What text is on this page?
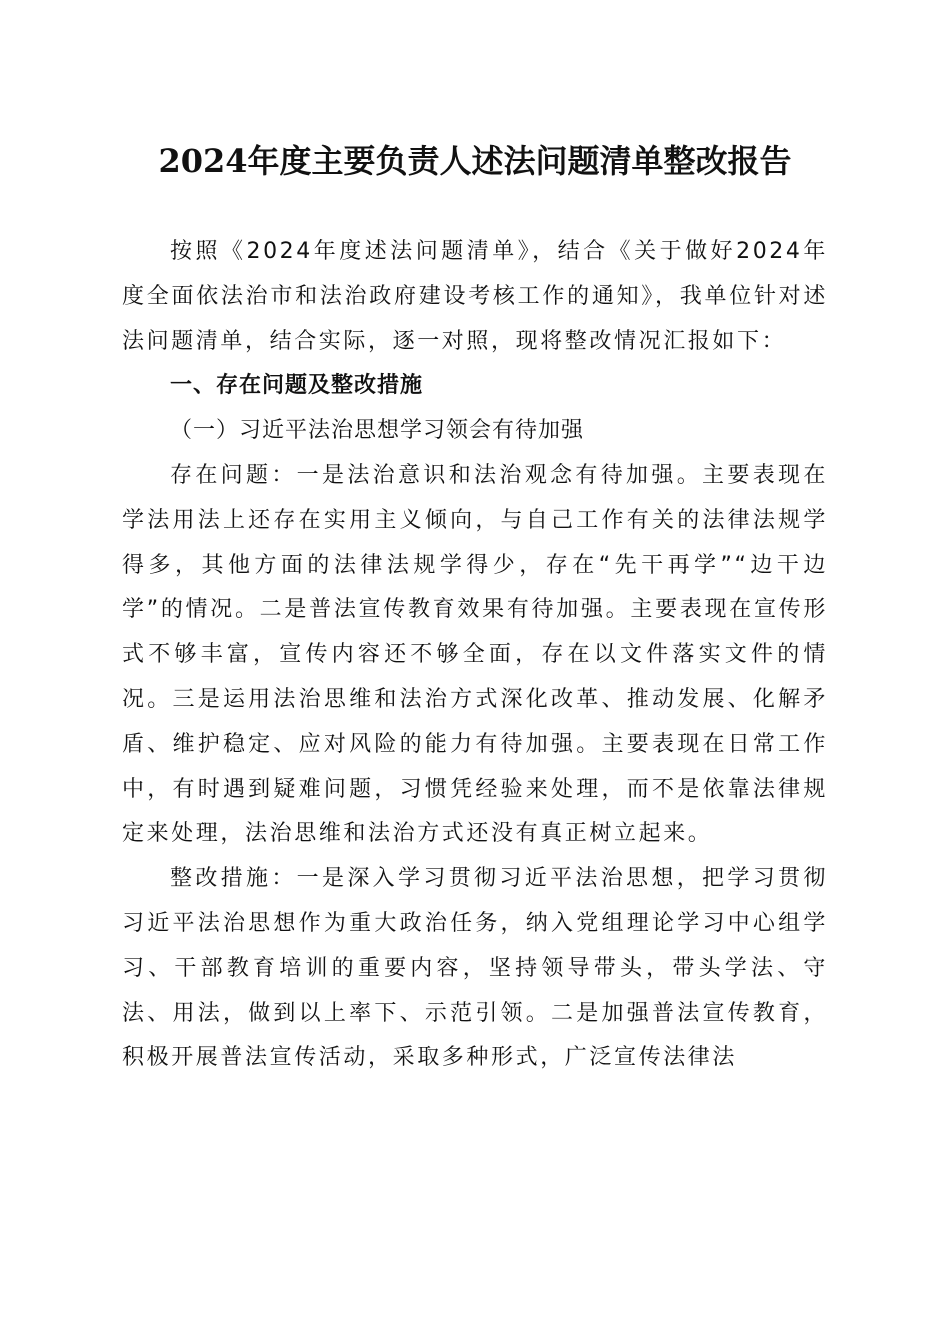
2024年度主要负责人述法问题清单整改报告

按照《2024年度述法问题清单》，结合《关于做好2024年度全面依法治市和法治政府建设考核工作的通知》，我单位针对述法问题清单，结合实际，逐一对照，现将整改情况汇报如下：

一、存在问题及整改措施

（一）习近平法治思想学习领会有待加强

存在问题：一是法治意识和法治观念有待加强。主要表现在学法用法上还存在实用主义倾向，与自己工作有关的法律法规学得多，其他方面的法律法规学得少，存在“先干再学”“边干边学”的情况。二是普法宣传教育效果有待加强。主要表现在宣传形式不够丰富，宣传内容还不够全面，存在以文件落实文件的情况。三是运用法治思维和法治方式深化改革、推动发展、化解矛盾、维护稳定、应对风险的能力有待加强。主要表现在日常工作中，有时遇到疑难问题，习惯凭经验来处理，而不是依靠法律规定来处理，法治思维和法治方式还没有真正树立起来。

整改措施：一是深入学习贯彻习近平法治思想，把学习贯彻习近平法治思想作为重大政治任务，纳入党组理论学习中心组学习、干部教育培训的重要内容，坚持领导带头，带头学法、守法、用法，做到以上率下、示范引领。二是加强普法宣传教育，积极开展普法宣传活动，采取多种形式，广泛宣传法律法
